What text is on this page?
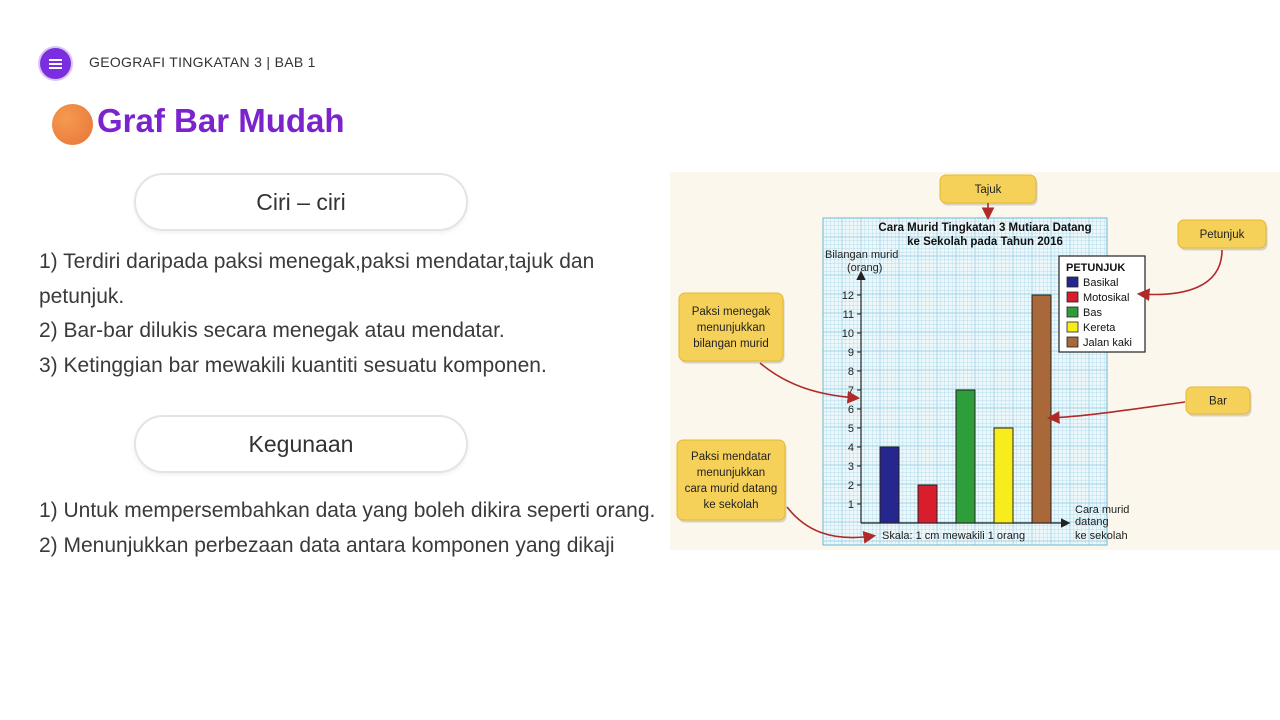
GEOGRAFI TINGKATAN 3 | BAB 1
Graf Bar Mudah
Ciri – ciri

1) Terdiri daripada paksi menegak,paksi mendatar,tajuk dan petunjuk.

2) Bar-bar dilukis secara menegak atau mendatar.

3) Ketinggian bar mewakili kuantiti sesuatu komponen.

Kegunaan

1) Untuk mempersembahkan data yang boleh dikira seperti orang.

2) Menunjukkan perbezaan data antara komponen yang dikaji

Cara Murid Tingkatan 3 Mutiara Datang
ke Sekolah pada Tahun 2016
Bilangan murid
(orang)
1
2
3
4
5
6
7
8
9
10
11
12
Cara murid
datang
ke sekolah
Skala: 1 cm mewakili 1 orang
PETUNJUK
Basikal
Motosikal
Bas
Kereta
Jalan kaki
Tajuk
Petunjuk
Bar
Paksi menegak
menunjukkan
bilangan murid
Paksi mendatar
menunjukkan
cara murid datang
ke sekolah
